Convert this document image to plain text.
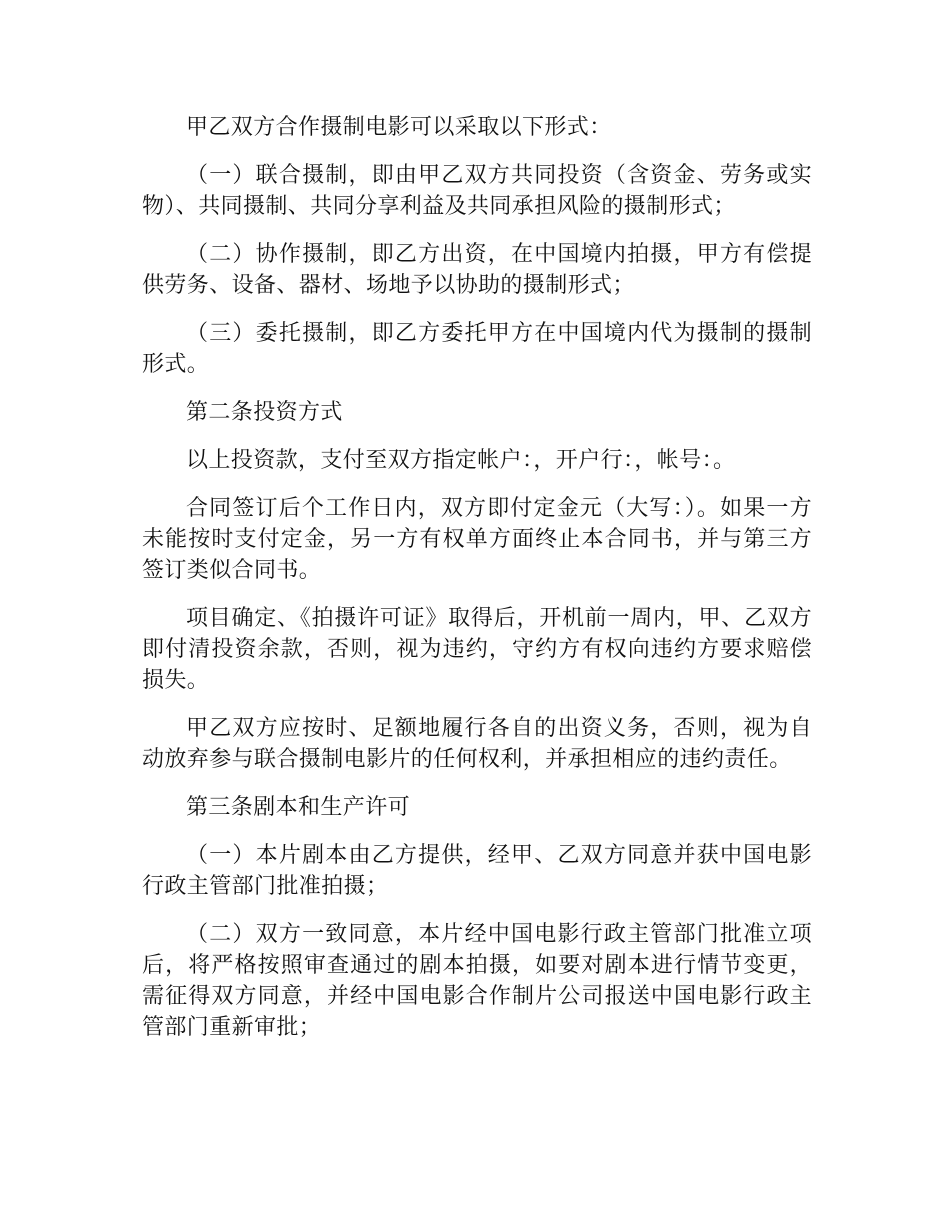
甲乙双方合作摄制电影可以采取以下形式：

（一）联合摄制，即由甲乙双方共同投资（含资金、劳务或实物）、共同摄制、共同分享利益及共同承担风险的摄制形式；

（二）协作摄制，即乙方出资，在中国境内拍摄，甲方有偿提供劳务、设备、器材、场地予以协助的摄制形式；

（三）委托摄制，即乙方委托甲方在中国境内代为摄制的摄制形式。

第二条投资方式

以上投资款，支付至双方指定帐户：，开户行：，帐号：。

合同签订后个工作日内，双方即付定金元（大写：）。如果一方未能按时支付定金，另一方有权单方面终止本合同书，并与第三方签订类似合同书。

项目确定、《拍摄许可证》取得后，开机前一周内，甲、乙双方即付清投资余款，否则，视为违约，守约方有权向违约方要求赔偿损失。

甲乙双方应按时、足额地履行各自的出资义务，否则，视为自动放弃参与联合摄制电影片的任何权利，并承担相应的违约责任。

第三条剧本和生产许可

（一）本片剧本由乙方提供，经甲、乙双方同意并获中国电影行政主管部门批准拍摄；

（二）双方一致同意，本片经中国电影行政主管部门批准立项后，将严格按照审查通过的剧本拍摄，如要对剧本进行情节变更，需征得双方同意，并经中国电影合作制片公司报送中国电影行政主管部门重新审批；
